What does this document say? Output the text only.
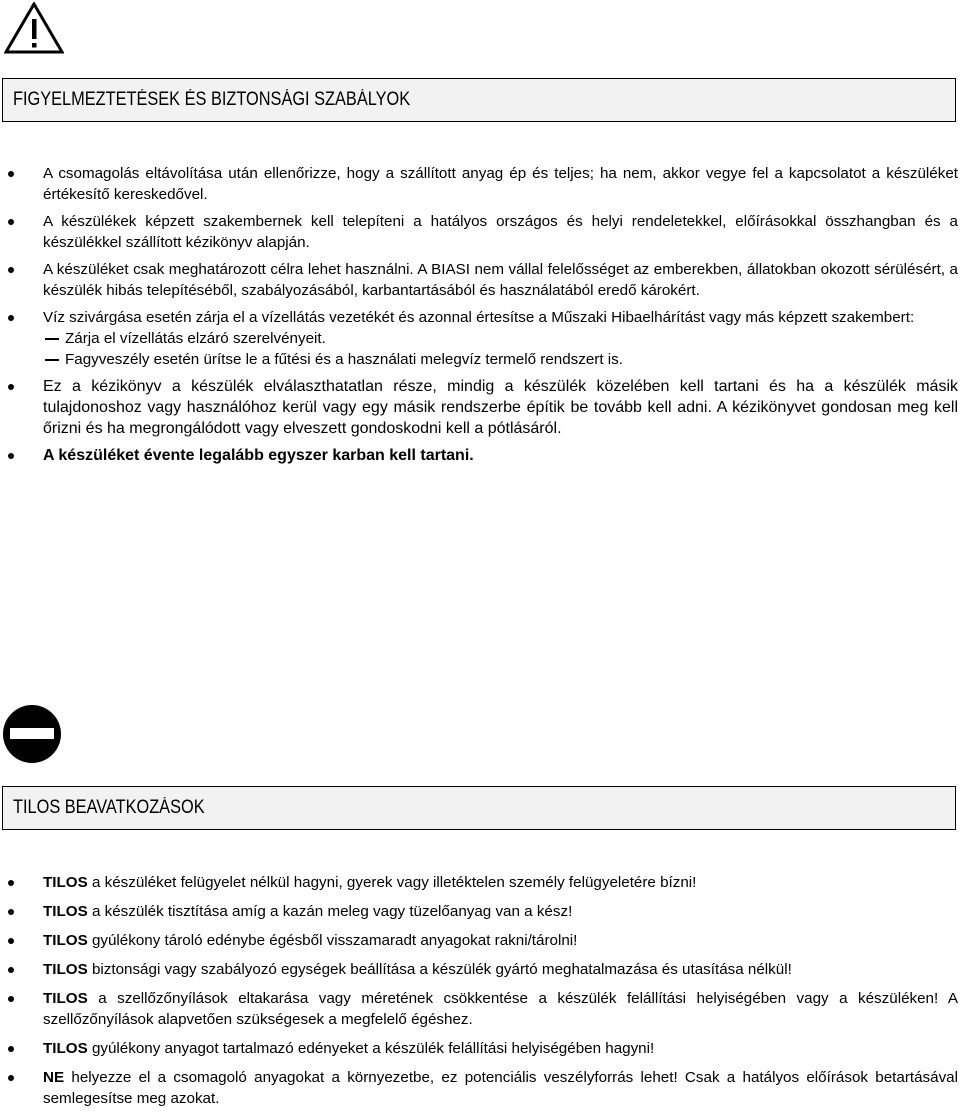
FIGYELMEZTETÉSEK ÉS BIZTONSÁGI SZABÁLYOK
A csomagolás eltávolítása után ellenőrizze, hogy a szállított anyag ép és teljes; ha nem, akkor vegye fel a kapcsolatot a készüléket értékesítő kereskedővel.
A készülékek képzett szakembernek kell telepíteni a hatályos országos és helyi rendeletekkel, előírásokkal összhangban és a készülékkel szállított kézikönyv alapján.
A készüléket csak meghatározott célra lehet használni. A BIASI nem vállal felelősséget az emberekben, állatokban okozott sérülésért, a készülék hibás telepítéséből, szabályozásából, karbantartásából és használatából eredő károkért.
Víz szivárgása esetén zárja el a vízellátás vezetékét és azonnal értesítse a Műszaki Hibaelhárítást vagy más képzett szakembert:
Zárja el vízellátás elzáró szerelvényeit.
Fagyveszély esetén ürítse le a fűtési és a használati melegvíz termelő rendszert is.
Ez a kézikönyv a készülék elválaszthatatlan része, mindig a készülék közelében kell tartani és ha a készülék másik tulajdonoshoz vagy használóhoz kerül vagy egy másik rendszerbe építik be tovább kell adni. A kézikönyvet gondosan meg kell őrizni és ha megrongálódott vagy elveszett gondoskodni kell a pótlásáról.
A készüléket évente legalább egyszer karban kell tartani.
TILOS BEAVATKOZÁSOK
TILOS a készüléket felügyelet nélkül hagyni, gyerek vagy illetéktelen személy felügyeletére bízni!
TILOS a készülék tisztítása amíg a kazán meleg vagy tüzelőanyag van a kész!
TILOS gyúlékony tároló edénybe égésből visszamaradt anyagokat rakni/tárolni!
TILOS biztonsági vagy szabályozó egységek beállítása a készülék gyártó meghatalmazása és utasítása nélkül!
TILOS a szellőzőnyílások eltakarása vagy méretének csökkentése a készülék felállítási helyiségében vagy a készüléken! A szellőzőnyílások alapvetően szükségesek a megfelelő égéshez.
TILOS gyúlékony anyagot tartalmazó edényeket a készülék felállítási helyiségében hagyni!
NE helyezze el a csomagoló anyagokat a környezetbe, ez potenciális veszélyforrás lehet! Csak a hatályos előírások betartásával semlegesítse meg azokat.
